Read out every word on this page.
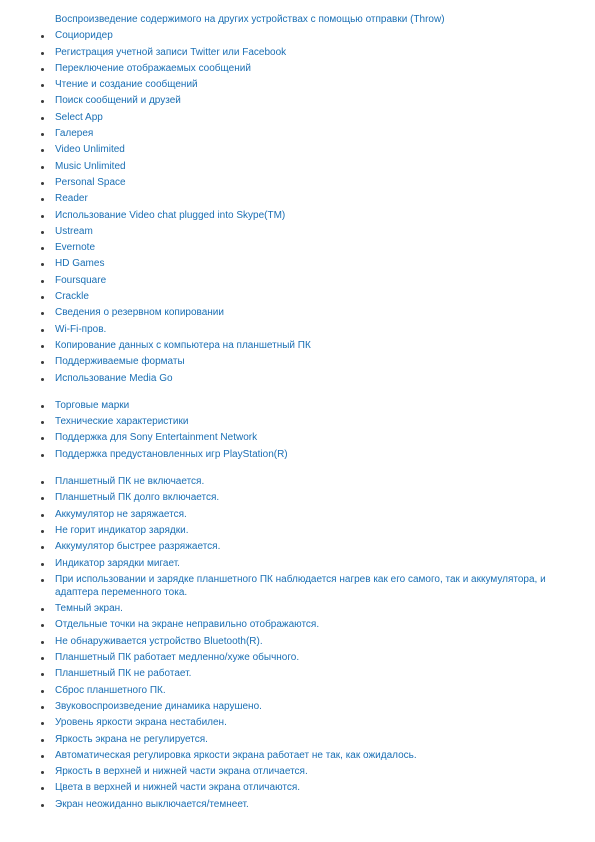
Воспроизведение содержимого на других устройствах с помощью отправки (Throw)
Социоридер
Регистрация учетной записи Twitter или Facebook
Переключение отображаемых сообщений
Чтение и создание сообщений
Поиск сообщений и друзей
Select App
Галерея
Video Unlimited
Music Unlimited
Personal Space
Reader
Использование Video chat plugged into Skype(TM)
Ustream
Evernote
HD Games
Foursquare
Crackle
Сведения о резервном копировании
Wi-Fi-пров.
Копирование данных с компьютера на планшетный ПК
Поддерживаемые форматы
Использование Media Go
Торговые марки
Технические характеристики
Поддержка для Sony Entertainment Network
Поддержка предустановленных игр PlayStation(R)
Планшетный ПК не включается.
Планшетный ПК долго включается.
Аккумулятор не заряжается.
Не горит индикатор зарядки.
Аккумулятор быстрее разряжается.
Индикатор зарядки мигает.
При использовании и зарядке планшетного ПК наблюдается нагрев как его самого, так и аккумулятора, и адаптера переменного тока.
Темный экран.
Отдельные точки на экране неправильно отображаются.
Не обнаруживается устройство Bluetooth(R).
Планшетный ПК работает медленно/хуже обычного.
Планшетный ПК не работает.
Сброс планшетного ПК.
Звуковоспроизведение динамика нарушено.
Уровень яркости экрана нестабилен.
Яркость экрана не регулируется.
Автоматическая регулировка яркости экрана работает не так, как ожидалось.
Яркость в верхней и нижней части экрана отличается.
Цвета в верхней и нижней части экрана отличаются.
Экран неожиданно выключается/темнеет.
